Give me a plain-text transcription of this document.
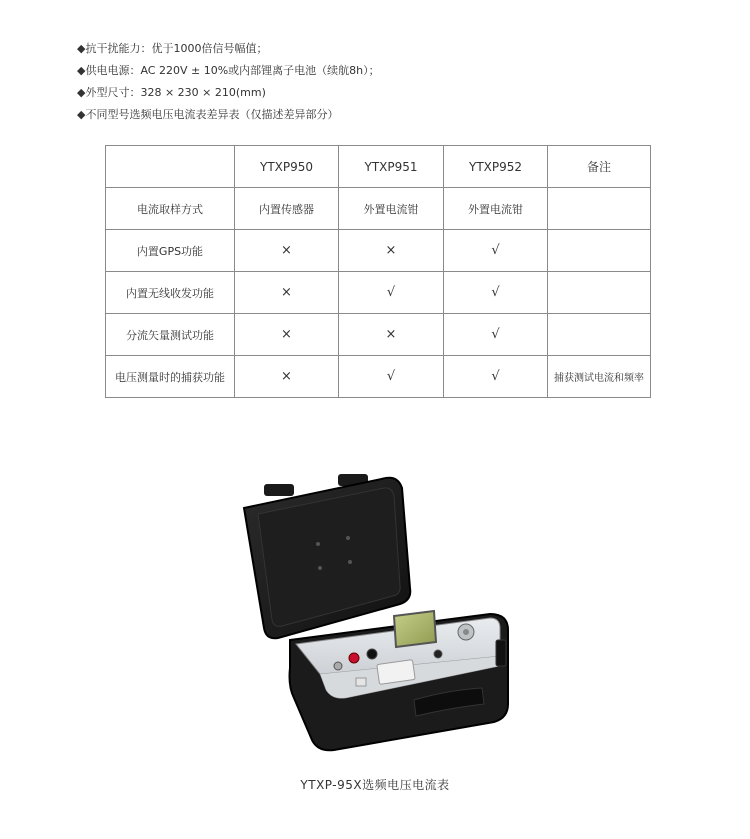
◆抗干扰能力：优于1000倍信号幅值；
◆供电电源：AC 220V ± 10%或内部锂离子电池（续航8h）；
◆外型尺寸：328 × 230 × 210(mm)
◆不同型号选频电压电流表差异表（仅描述差异部分）
	YTXP950	YTXP951	YTXP952	备注
电流取样方式	内置传感器	外置电流钳	外置电流钳	
内置GPS功能	×	×	√	
内置无线收发功能	×	√	√	
分流矢量测试功能	×	×	√	
电压测量时的捕获功能	×	√	√	捕获测试电流和频率
YTXP-95X选频电压电流表
